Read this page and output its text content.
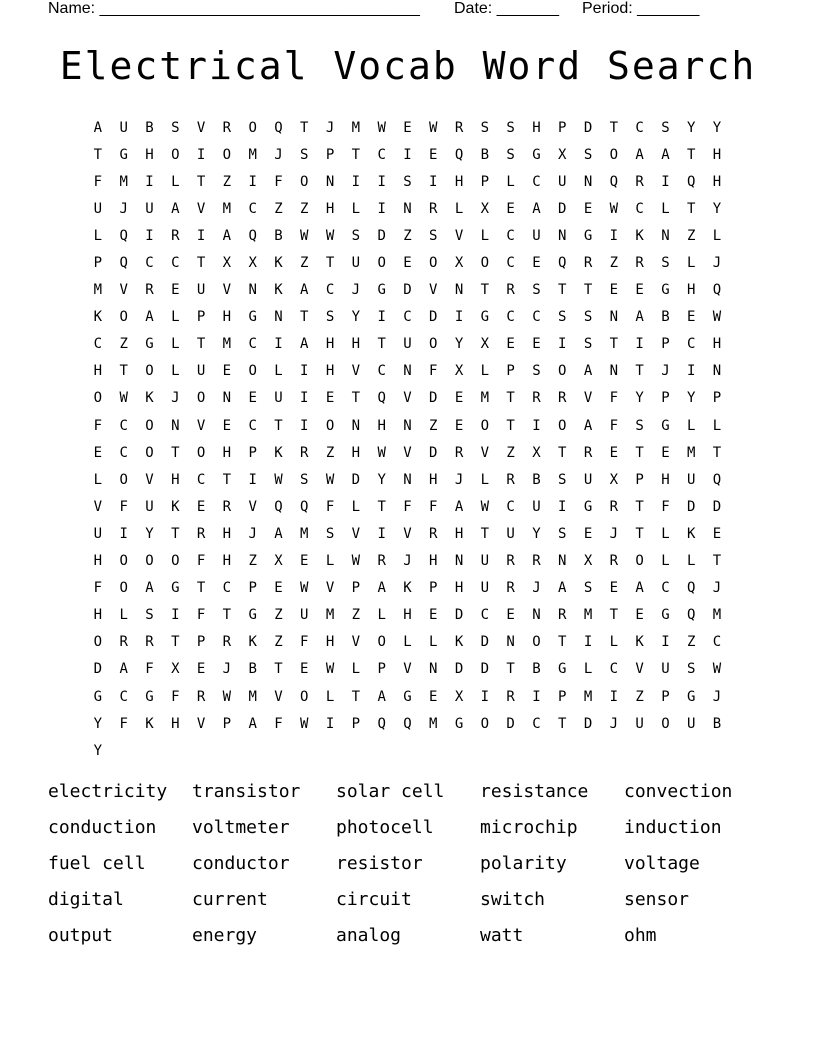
Name: ____________________________________ Date: _______ Period: _______
Electrical Vocab Word Search
A	U	B	S	V	R	O	Q	T	J	M	W	E	W	R	S	S	H	P	D	T	C	S	Y	Y
T	G	H	O	I	O	M	J	S	P	T	C	I	E	Q	B	S	G	X	S	O	A	A	T	H
F	M	I	L	T	Z	I	F	O	N	I	I	S	I	H	P	L	C	U	N	Q	R	I	Q	H
U	J	U	A	V	M	C	Z	Z	H	L	I	N	R	L	X	E	A	D	E	W	C	L	T	Y
L	Q	I	R	I	A	Q	B	W	W	S	D	Z	S	V	L	C	U	N	G	I	K	N	Z	L
P	Q	C	C	T	X	X	K	Z	T	U	O	E	O	X	O	C	E	Q	R	Z	R	S	L	J
M	V	R	E	U	V	N	K	A	C	J	G	D	V	N	T	R	S	T	T	E	E	G	H	Q
K	O	A	L	P	H	G	N	T	S	Y	I	C	D	I	G	C	C	S	S	N	A	B	E	W
C	Z	G	L	T	M	C	I	A	H	H	T	U	O	Y	X	E	E	I	S	T	I	P	C	H
H	T	O	L	U	E	O	L	I	H	V	C	N	F	X	L	P	S	O	A	N	T	J	I	N
O	W	K	J	O	N	E	U	I	E	T	Q	V	D	E	M	T	R	R	V	F	Y	P	Y	P
F	C	O	N	V	E	C	T	I	O	N	H	N	Z	E	O	T	I	O	A	F	S	G	L	L
E	C	O	T	O	H	P	K	R	Z	H	W	V	D	R	V	Z	X	T	R	E	T	E	M	T
L	O	V	H	C	T	I	W	S	W	D	Y	N	H	J	L	R	B	S	U	X	P	H	U	Q
V	F	U	K	E	R	V	Q	Q	F	L	T	F	F	A	W	C	U	I	G	R	T	F	D	D
U	I	Y	T	R	H	J	A	M	S	V	I	V	R	H	T	U	Y	S	E	J	T	L	K	E
H	O	O	O	F	H	Z	X	E	L	W	R	J	H	N	U	R	R	N	X	R	O	L	L	T
F	O	A	G	T	C	P	E	W	V	P	A	K	P	H	U	R	J	A	S	E	A	C	Q	J
H	L	S	I	F	T	G	Z	U	M	Z	L	H	E	D	C	E	N	R	M	T	E	G	Q	M
O	R	R	T	P	R	K	Z	F	H	V	O	L	L	K	D	N	O	T	I	L	K	I	Z	C
D	A	F	X	E	J	B	T	E	W	L	P	V	N	D	D	T	B	G	L	C	V	U	S	W
G	C	G	F	R	W	M	V	O	L	T	A	G	E	X	I	R	I	P	M	I	Z	P	G	J
Y	F	K	H	V	P	A	F	W	I	P	Q	Q	M	G	O	D	C	T	D	J	U	O	U	B
Y
electricity	transistor	solar cell	resistance	convection
conduction	voltmeter	photocell	microchip	induction
fuel cell	conductor	resistor	polarity	voltage
digital	current	circuit	switch	sensor
output	energy	analog	watt	ohm
